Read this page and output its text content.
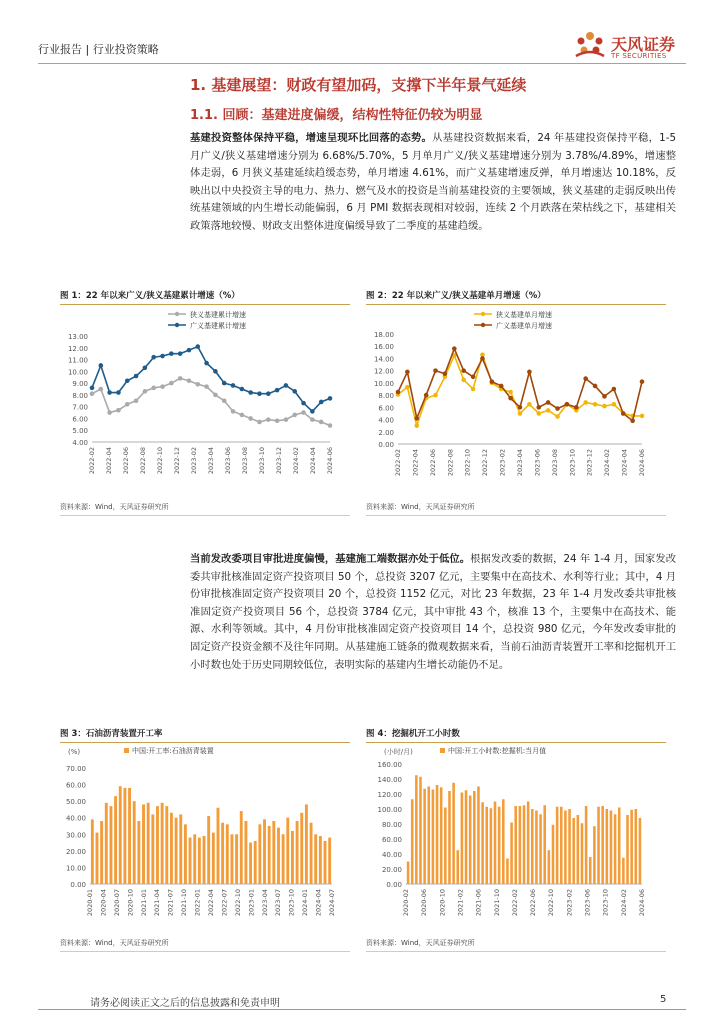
行业报告 | 行业投资策略	天风证券
TF SECURITIES
1. 基建展望：财政有望加码，支撑下半年景气延续
1.1. 回顾：基建进度偏缓，结构性特征仍较为明显
基建投资整体保持平稳，增速呈现环比回落的态势。从基建投资数据来看，24 年基建投资保持平稳，1-5 月广义/狭义基建增速分别为 6.68%/5.70%，5 月单月广义/狭义基建增速分别为 3.78%/4.89%，增速整体走弱，6 月狭义基建延续趋缓态势，单月增速 4.61%，而广义基建增速反弹，单月增速达 10.18%，反映出以中央投资主导的电力、热力、燃气及水的投资是当前基建投资的主要领域，狭义基建的走弱反映出传统基建领域的内生增长动能偏弱，6 月 PMI 数据表现相对较弱，连续 2 个月跌落在荣枯线之下，基建相关政策落地较慢、财政支出整体进度偏缓导致了二季度的基建趋缓。
图 1：22 年以来广义/狭义基建累计增速（%）
13.00
12.00
11.00
10.00
9.00
8.00
7.00
6.00
5.00
4.00
2022-02 2022-04 2022-06 2022-08 2022-10 2022-12 2023-02 2023-04 2023-06 2023-08 2023-10 2023-12 2024-02 2024-04 2024-06
狭义基建累计增速
广义基建累计增速
资料来源：Wind，天风证券研究所
图 2：22 年以来广义/狭义基建单月增速（%）
18.00
16.00
14.00
12.00
10.00
8.00
6.00
4.00
2.00
0.00
2022-02 2022-04 2022-06 2022-08 2022-10 2022-12 2023-02 2023-04 2023-06 2023-08 2023-10 2023-12 2024-02 2024-04 2024-06
狭义基建单月增速
广义基建单月增速
资料来源：Wind，天风证券研究所
当前发改委项目审批进度偏慢，基建施工端数据亦处于低位。根据发改委的数据，24 年 1-4 月，国家发改委共审批核准固定资产投资项目 50 个，总投资 3207 亿元，主要集中在高技术、水利等行业；其中，4 月份审批核准固定资产投资项目 20 个，总投资 1152 亿元，对比 23 年数据，23 年 1-4 月发改委共审批核准固定资产投资项目 56 个，总投资 3784 亿元，其中审批 43 个，核准 13 个，主要集中在高技术、能源、水利等领域。其中，4 月份审批核准固定资产投资项目 14 个，总投资 980 亿元，今年发改委审批的固定资产投资金额不及往年同期。从基建施工链条的微观数据来看，当前石油沥青装置开工率和挖掘机开工小时数也处于历史同期较低位，表明实际的基建内生增长动能仍不足。
图 3：石油沥青装置开工率
70.00
60.00
50.00
40.00
30.00
20.00
10.00
0.00
2020-01 2020-04 2020-07 2020-10 2021-01 2021-04 2021-07 2021-10 2022-01 2022-04 2022-07 2022-10 2023-01 2023-04 2023-07 2023-10 2024-01 2024-04 2024-07
(%)	中国:开工率:石油沥青装置
资料来源：Wind，天风证券研究所
图 4：挖掘机开工小时数
160.00
140.00
120.00
100.00
80.00
60.00
40.00
20.00
0.00
2020-02 2020-06 2020-10 2021-02 2021-06 2021-10 2022-02 2022-06 2022-10 2023-02 2023-06 2023-10 2024-02 2024-06
(小时/月)	中国:开工小时数:挖掘机:当月值
资料来源：Wind，天风证券研究所
请务必阅读正文之后的信息披露和免责申明	5
